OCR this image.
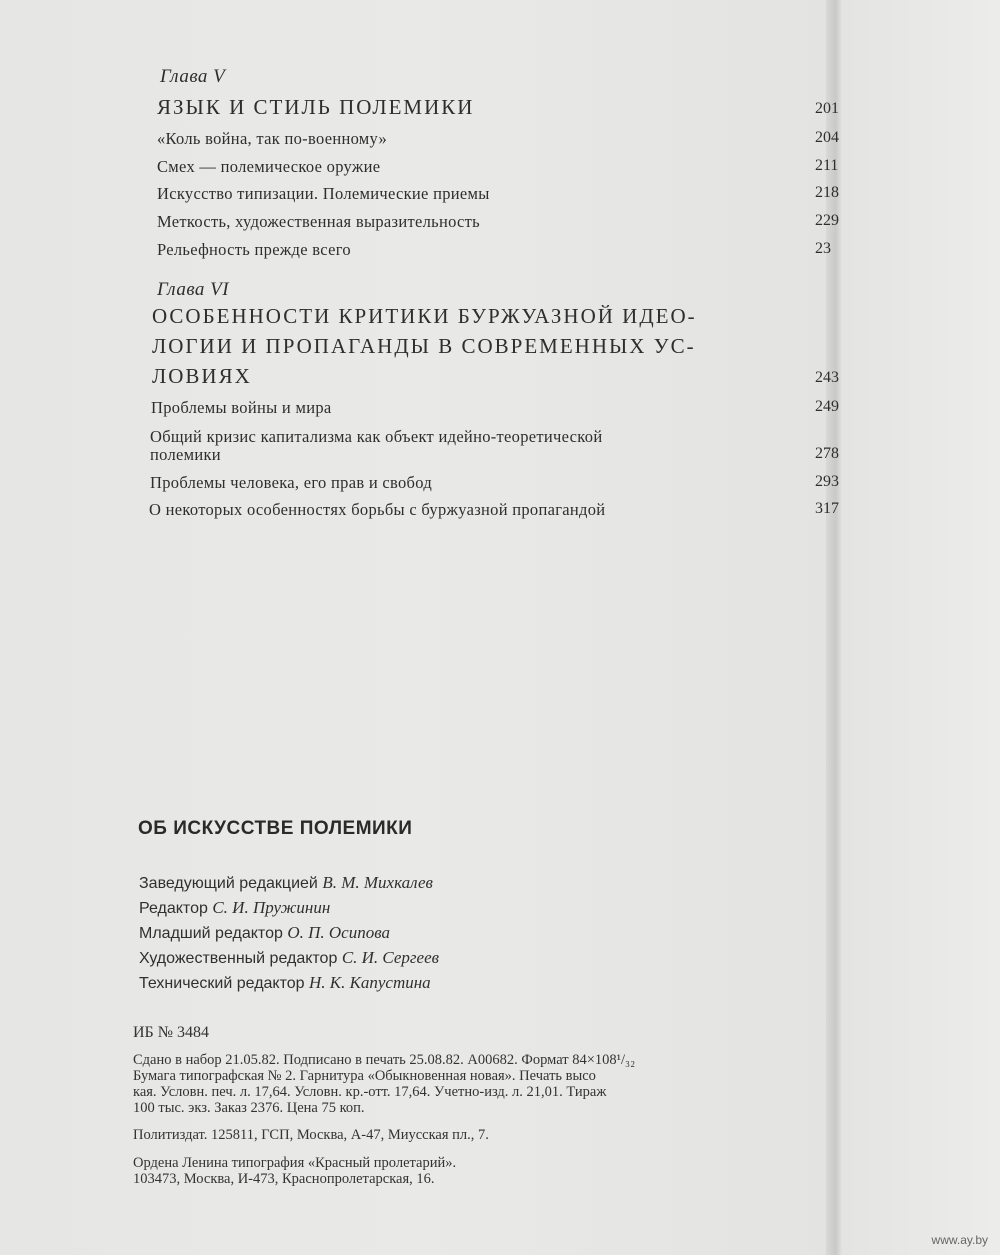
Глава V
ЯЗЫК И СТИЛЬ ПОЛЕМИКИ	201
«Коль война, так по-военному»	204
Смех — полемическое оружие	211
Искусство типизации. Полемические приемы	218
Меткость, художественная выразительность	229
Рельефность прежде всего	23
Глава VI
ОСОБЕННОСТИ КРИТИКИ БУРЖУАЗНОЙ ИДЕО-
ЛОГИИ И ПРОПАГАНДЫ В СОВРЕМЕННЫХ УС-
ЛОВИЯХ	243
Проблемы войны и мира	249
Общий кризис капитализма как объект идейно-теоретической
полемики	278
Проблемы человека, его прав и свобод	293
О некоторых особенностях борьбы с буржуазной пропагандой	317
ОБ ИСКУССТВЕ ПОЛЕМИКИ
Заведующий редакцией В. М. Михкалев
Редактор С. И. Пружинин
Младший редактор О. П. Осипова
Художественный редактор С. И. Сергеев
Технический редактор Н. К. Капустина
ИБ № 3484
Сдано в набор 21.05.82. Подписано в печать 25.08.82. А00682. Формат 84×108¹/₃₂
Бумага типографская № 2. Гарнитура «Обыкновенная новая». Печать высо
кая. Условн. печ. л. 17,64. Условн. кр.-отт. 17,64. Учетно-изд. л. 21,01. Тираж
100 тыс. экз. Заказ 2376. Цена 75 коп.
Политиздат. 125811, ГСП, Москва, А-47, Миусская пл., 7.
Ордена Ленина типография «Красный пролетарий».
103473, Москва, И-473, Краснопролетарская, 16.
www.ay.by
